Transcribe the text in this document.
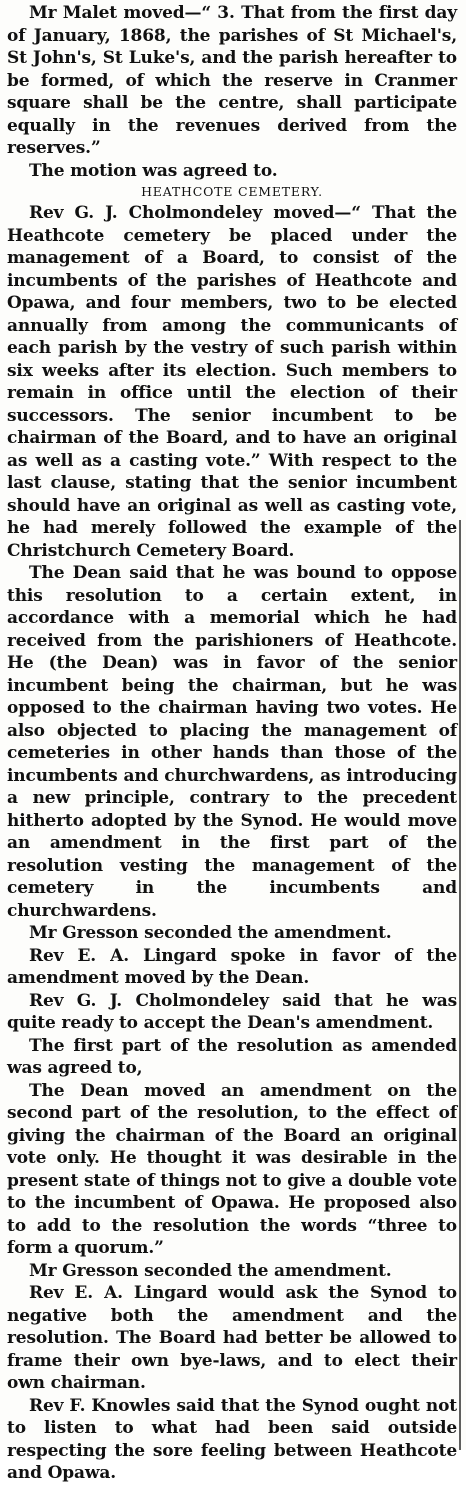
Mr Malet moved—“ 3. That from the first day of January, 1868, the parishes of St Michael's, St John's, St Luke's, and the parish hereafter to be formed, of which the reserve in Cranmer square shall be the centre, shall participate equally in the revenues derived from the reserves.”

The motion was agreed to.

HEATHCOTE CEMETERY.

Rev G. J. Cholmondeley moved—“ That the Heathcote cemetery be placed under the management of a Board, to consist of the incumbents of the parishes of Heathcote and Opawa, and four members, two to be elected annually from among the communicants of each parish by the vestry of such parish within six weeks after its election. Such members to remain in office until the election of their successors. The senior incumbent to be chairman of the Board, and to have an original as well as a casting vote.” With respect to the last clause, stating that the senior incumbent should have an original as well as casting vote, he had merely followed the example of the Christchurch Cemetery Board.

The Dean said that he was bound to oppose this resolution to a certain extent, in accordance with a memorial which he had received from the parishioners of Heathcote. He (the Dean) was in favor of the senior incumbent being the chairman, but he was opposed to the chairman having two votes. He also objected to placing the management of cemeteries in other hands than those of the incumbents and churchwardens, as introducing a new principle, contrary to the precedent hitherto adopted by the Synod. He would move an amendment in the first part of the resolution vesting the management of the cemetery in the incumbents and churchwardens.

Mr Gresson seconded the amendment.

Rev E. A. Lingard spoke in favor of the amendment moved by the Dean.

Rev G. J. Cholmondeley said that he was quite ready to accept the Dean's amendment.

The first part of the resolution as amended was agreed to,

The Dean moved an amendment on the second part of the resolution, to the effect of giving the chairman of the Board an original vote only. He thought it was desirable in the present state of things not to give a double vote to the incumbent of Opawa. He proposed also to add to the resolution the words “three to form a quorum.”

Mr Gresson seconded the amendment.

Rev E. A. Lingard would ask the Synod to negative both the amendment and the resolution. The Board had better be allowed to frame their own bye-laws, and to elect their own chairman.

Rev F. Knowles said that the Synod ought not to listen to what had been said outside respecting the sore feeling between Heathcote and Opawa.
